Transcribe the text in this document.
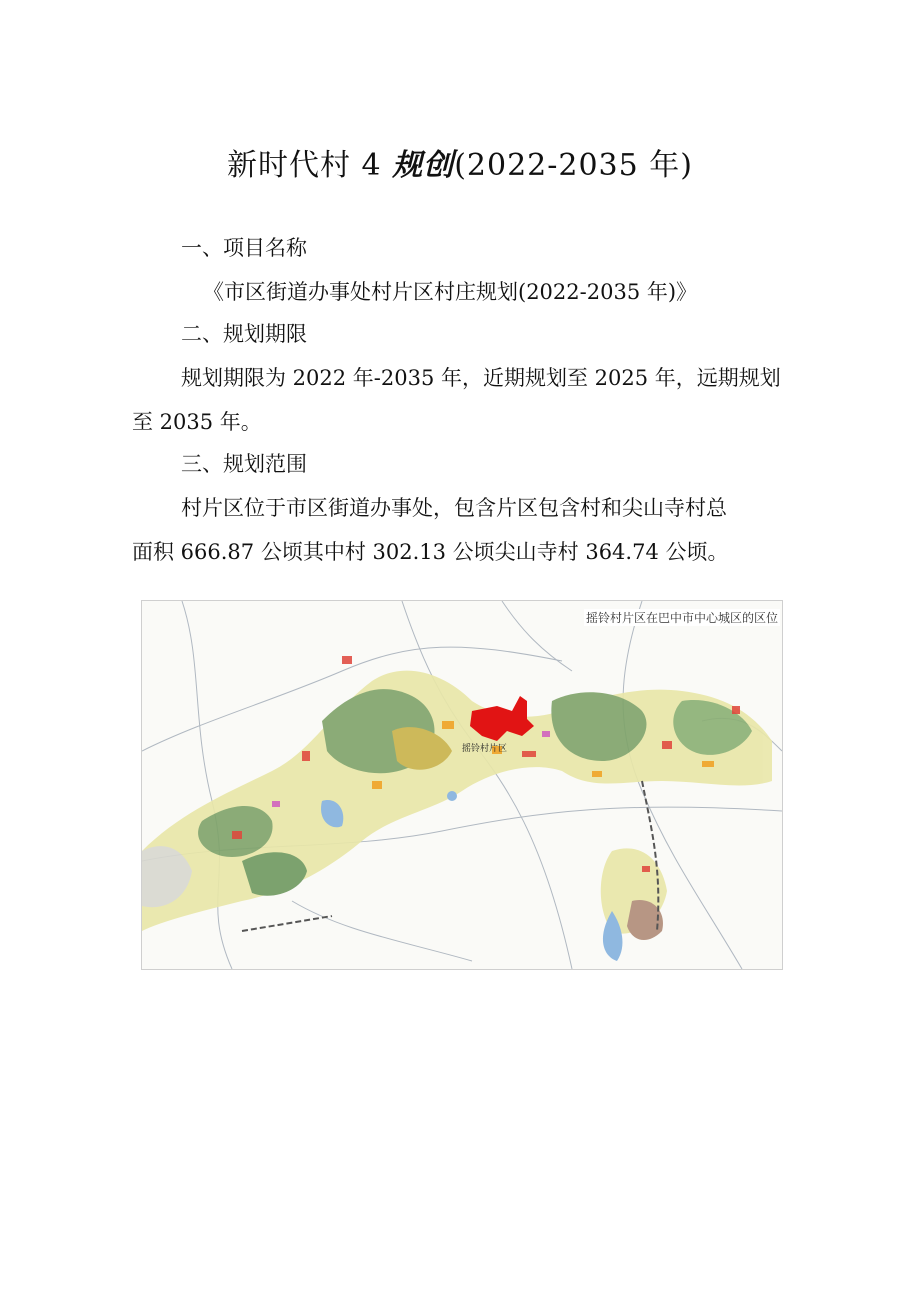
新时代村 4 规创(2022-2035 年)
一、项目名称
《市区街道办事处村片区村庄规划(2022-2035 年)》
二、规划期限
规划期限为 2022 年-2035 年，近期规划至 2025 年，远期规划
至 2035 年。
三、规划范围
村片区位于市区街道办事处，包含片区包含村和尖山寺村总
面积 666.87 公顷其中村 302.13 公顷尖山寺村 364.74 公顷。
摇铃村片区
摇铃村片区在巴中市中心城区的区位
